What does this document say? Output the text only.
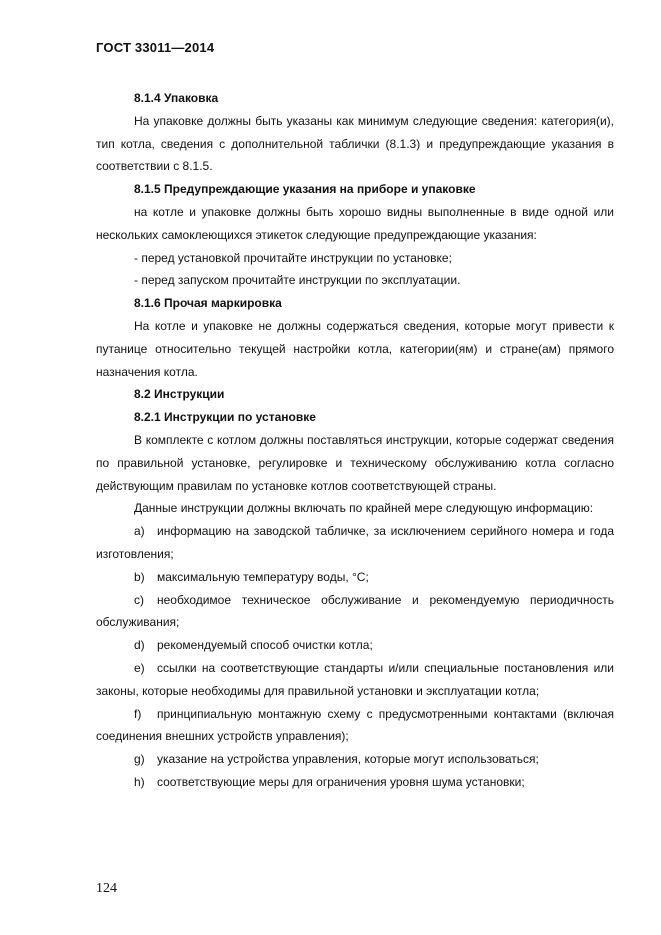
ГОСТ 33011—2014

8.1.4 Упаковка

На упаковке должны быть указаны как минимум следующие сведения: категория(и), тип котла, сведения с дополнительной таблички (8.1.3) и предупреждающие указания в соответствии с 8.1.5.

8.1.5 Предупреждающие указания на приборе и упаковке

на котле и упаковке должны быть хорошо видны выполненные в виде одной или нескольких самоклеющихся этикеток следующие предупреждающие указания:

- перед установкой прочитайте инструкции по установке;

- перед запуском прочитайте инструкции по эксплуатации.

8.1.6 Прочая маркировка

На котле и упаковке не должны содержаться сведения, которые могут привести к путанице относительно текущей настройки котла, категории(ям) и стране(ам) прямого назначения котла.

8.2 Инструкции

8.2.1 Инструкции по установке

В комплекте с котлом должны поставляться инструкции, которые содержат сведения по правильной установке, регулировке и техническому обслуживанию котла согласно действующим правилам по установке котлов соответствующей страны.

Данные инструкции должны включать по крайней мере следующую информацию:

a) информацию на заводской табличке, за исключением серийного номера и года изготовления;

b) максимальную температуру воды, °С;

c) необходимое техническое обслуживание и рекомендуемую периодичность обслуживания;

d) рекомендуемый способ очистки котла;

e) ссылки на соответствующие стандарты и/или специальные постановления или законы, которые необходимы для правильной установки и эксплуатации котла;

f) принципиальную монтажную схему с предусмотренными контактами (включая соединения внешних устройств управления);

g) указание на устройства управления, которые могут использоваться;

h) соответствующие меры для ограничения уровня шума установки;

124
